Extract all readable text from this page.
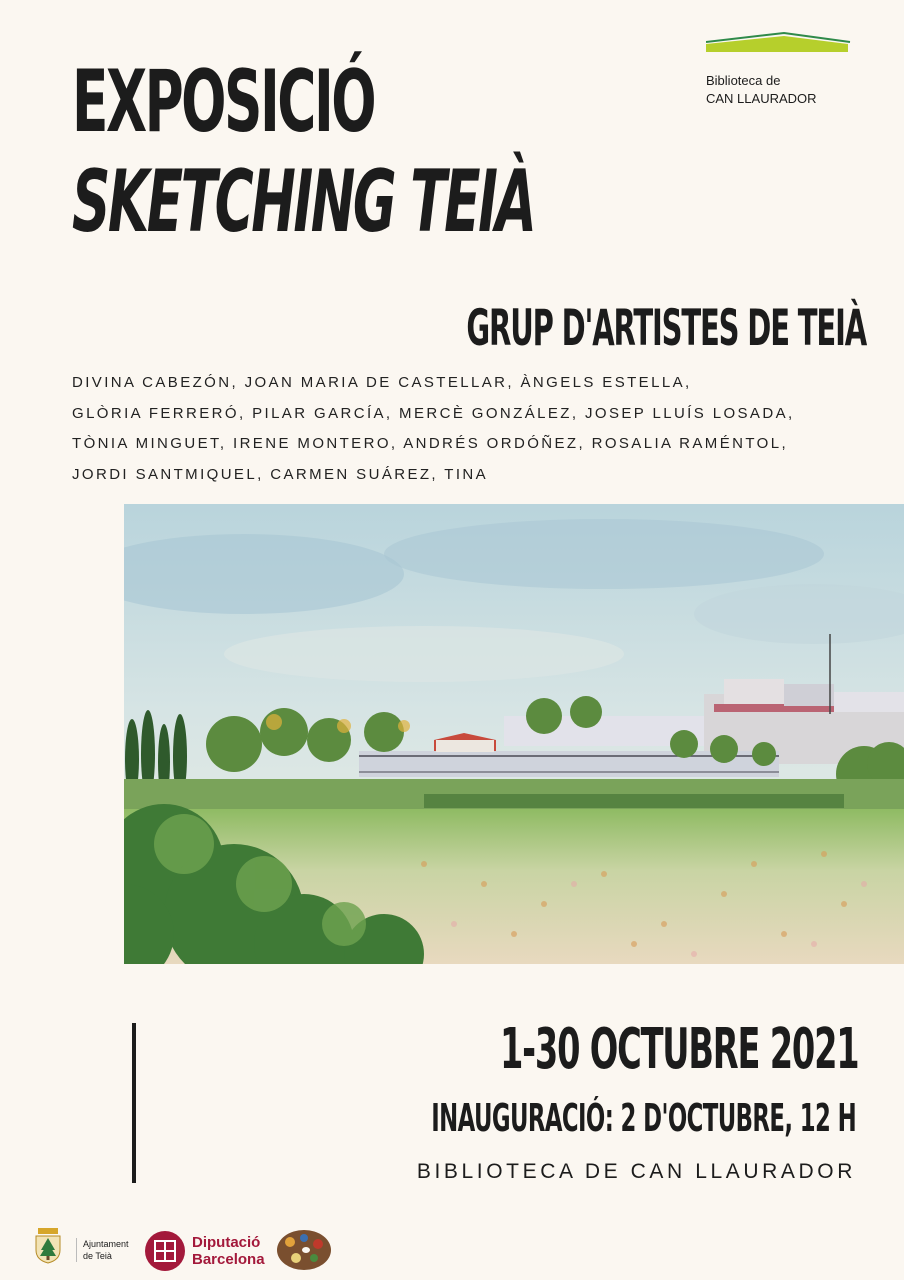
EXPOSICIÓ
SKETCHING TEIÀ
Biblioteca de
CAN LLAURADOR
GRUP D'ARTISTES DE TEIÀ
DIVINA CABEZÓN, JOAN MARIA DE CASTELLAR, ÀNGELS ESTELLA,
GLÒRIA FERRERÓ, PILAR GARCÍA, MERCÈ GONZÁLEZ, JOSEP LLUÍS LOSADA,
TÒNIA MINGUET, IRENE MONTERO, ANDRÉS ORDÓÑEZ, ROSALIA RAMÉNTOL,
JORDI SANTMIQUEL, CARMEN SUÁREZ, TINA
1-30 OCTUBRE 2021
INAUGURACIÓ: 2 D'OCTUBRE, 12 H
BIBLIOTECA DE CAN LLAURADOR
Ajuntament
de Teià
Diputació
Barcelona
